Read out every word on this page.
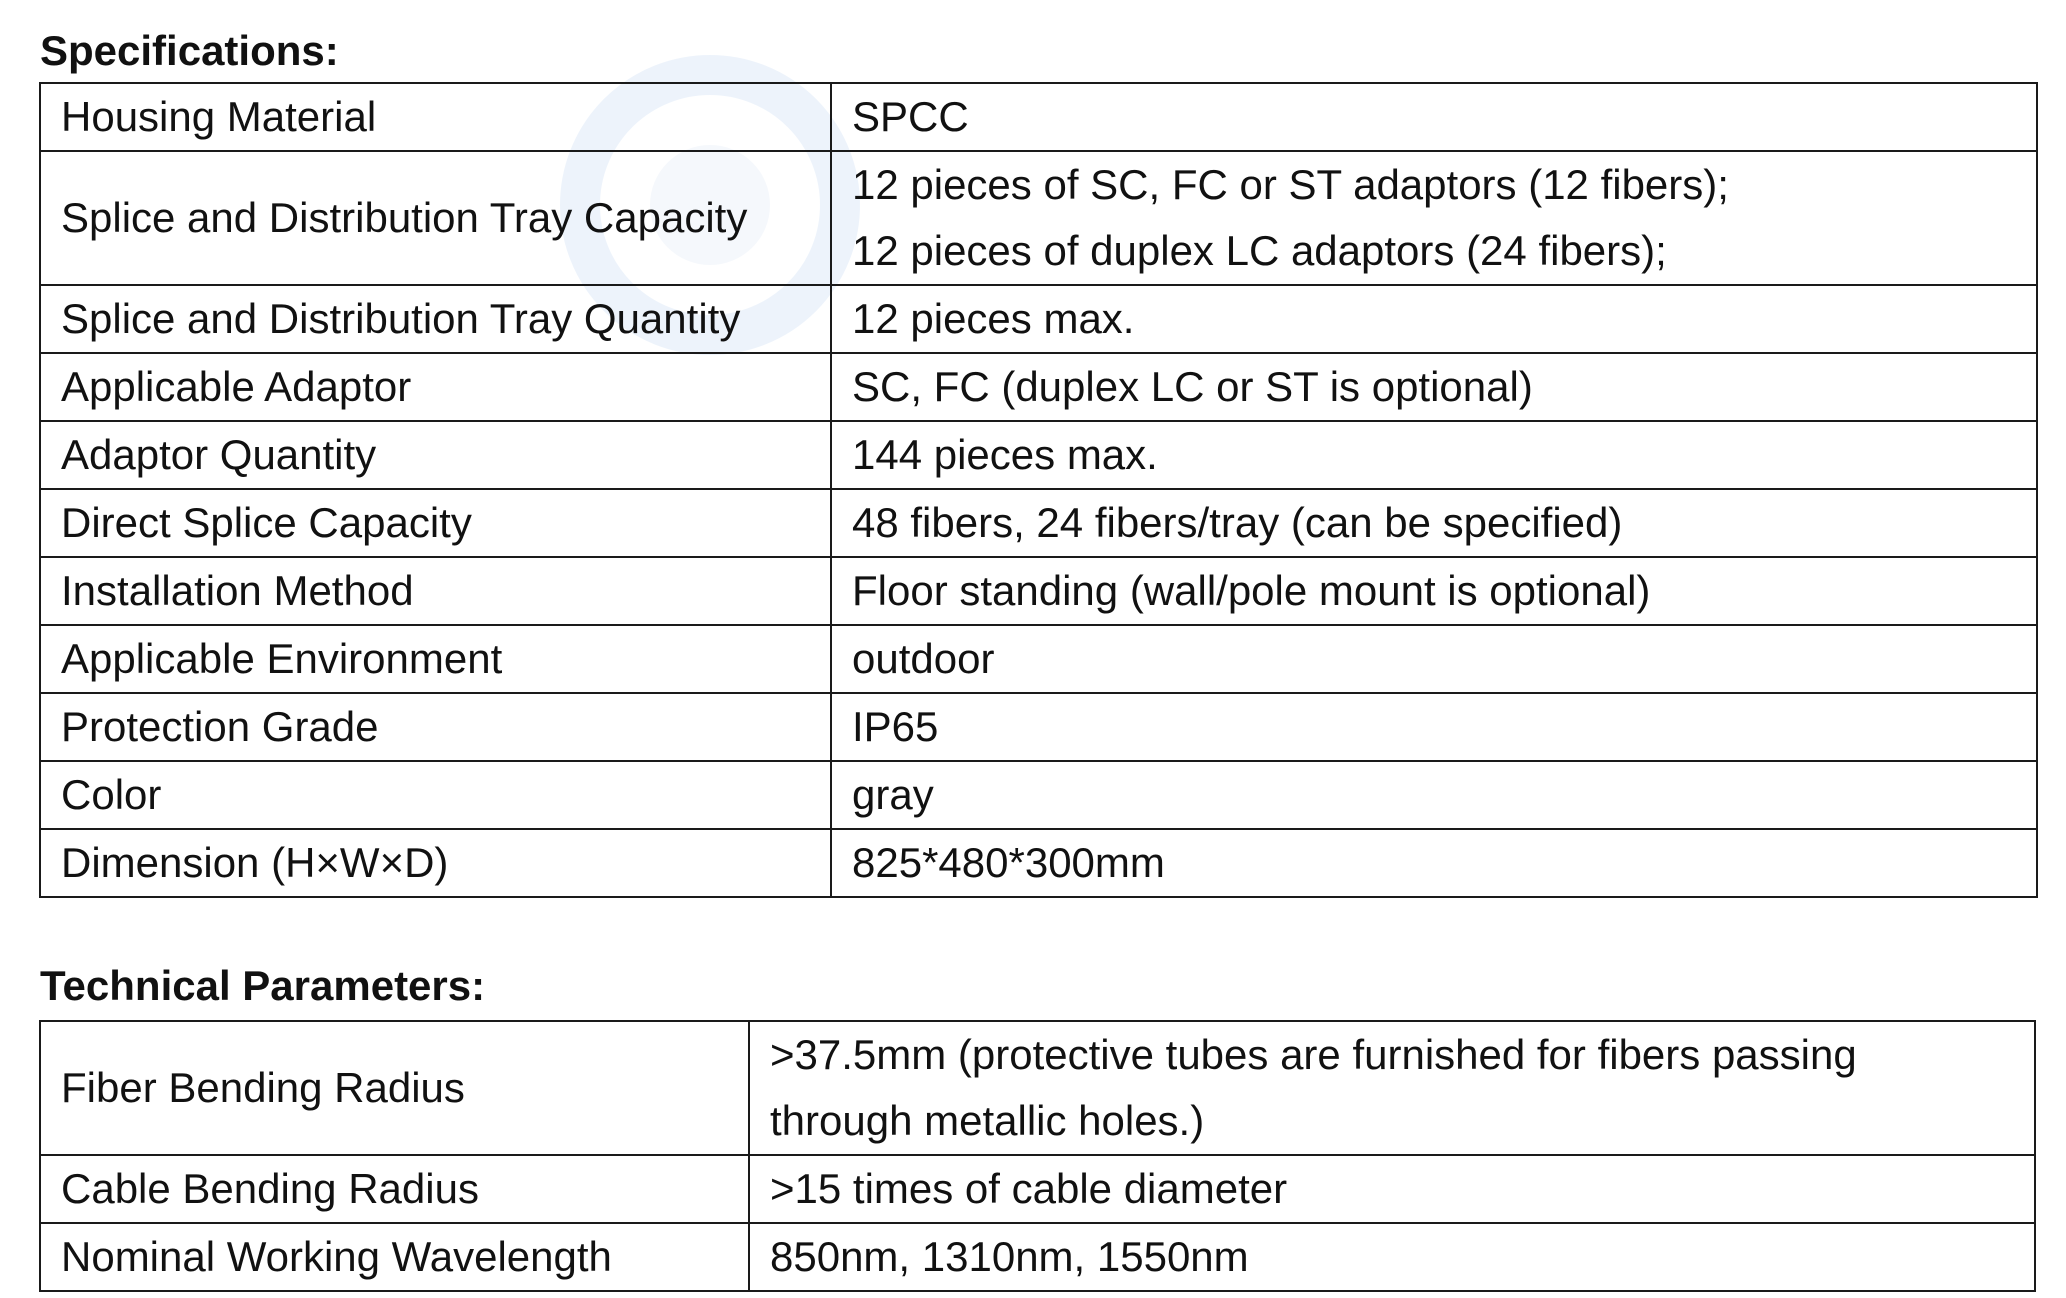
Specifications:
Housing Material	SPCC
Splice and Distribution Tray Capacity	12 pieces of SC, FC or ST adaptors (12 fibers);
12 pieces of duplex LC adaptors (24 fibers);

Splice and Distribution Tray Quantity	12 pieces max.
Applicable Adaptor	SC, FC (duplex LC or ST is optional)
Adaptor Quantity	144 pieces max.
Direct Splice Capacity	48 fibers, 24 fibers/tray (can be specified)
Installation Method	Floor standing (wall/pole mount is optional)
Applicable Environment	outdoor
Protection Grade	IP65
Color	gray
Dimension (H×W×D)	825*480*300mm
Technical Parameters:
Fiber Bending Radius	>37.5mm (protective tubes are furnished for fibers passing
through metallic holes.)

Cable Bending Radius	>15 times of cable diameter
Nominal Working Wavelength	850nm, 1310nm, 1550nm
